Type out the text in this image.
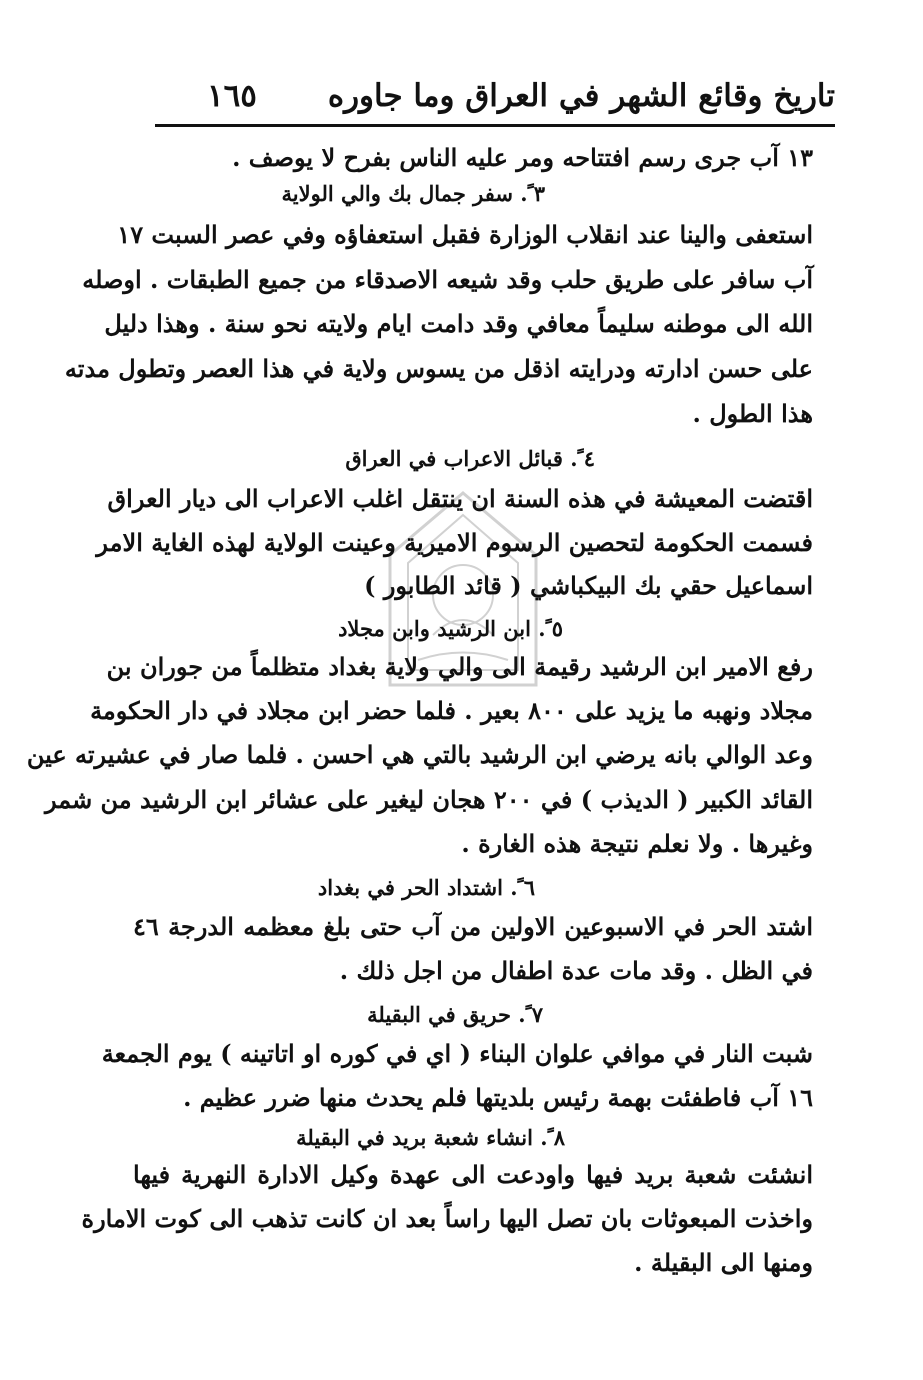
تاريخ وقائع الشهر في العراق وما جاوره
١٦٥
١٣ آب جرى رسم افتتاحه ومر عليه الناس بفرح لا يوصف .
٣ ً. سفر جمال بك والي الولاية
استعفى والينا عند انقلاب الوزارة فقبل استعفاؤه وفي عصر السبت ١٧
آب سافر على طريق حلب وقد شيعه الاصدقاء من جميع الطبقات . اوصله
الله الى موطنه سليماً معافي وقد دامت ايام ولايته نحو سنة . وهذا دليل
على حسن ادارته ودرايته اذقل من يسوس ولاية في هذا العصر وتطول مدته
هذا الطول .
٤ ً. قبائل الاعراب في العراق
اقتضت المعيشة في هذه السنة ان ينتقل اغلب الاعراب الى ديار العراق
فسمت الحكومة لتحصين الرسوم الاميرية وعينت الولاية لهذه الغاية الامر
اسماعيل حقي بك البيكباشي ( قائد الطابور )
٥ ً. ابن الرشيد وابن مجلاد
رفع الامير ابن الرشيد رقيمة الى والي ولاية بغداد متظلماً من جوران بن
مجلاد ونهبه ما يزيد على ٨٠٠ بعير . فلما حضر ابن مجلاد في دار الحكومة
وعد الوالي بانه يرضي ابن الرشيد بالتي هي احسن . فلما صار في عشيرته عين
القائد الكبير ( الديذب ) في ٢٠٠ هجان ليغير على عشائر ابن الرشيد من شمر
وغيرها . ولا نعلم نتيجة هذه الغارة .
٦ ً. اشتداد الحر في بغداد
اشتد الحر في الاسبوعين الاولين من آب حتى بلغ معظمه الدرجة ٤٦
في الظل . وقد مات عدة اطفال من اجل ذلك .
٧ ً. حريق في البقيلة
شبت النار في موافي علوان البناء ( اي في كوره او اتاتينه ) يوم الجمعة
١٦ آب فاطفئت بهمة رئيس بلديتها فلم يحدث منها ضرر عظيم .
٨ ً. انشاء شعبة بريد في البقيلة
انشئت شعبة بريد فيها واودعت الى عهدة وكيل الادارة النهرية فيها
واخذت المبعوثات بان تصل اليها راساً بعد ان كانت تذهب الى كوت الامارة
ومنها الى البقيلة .
